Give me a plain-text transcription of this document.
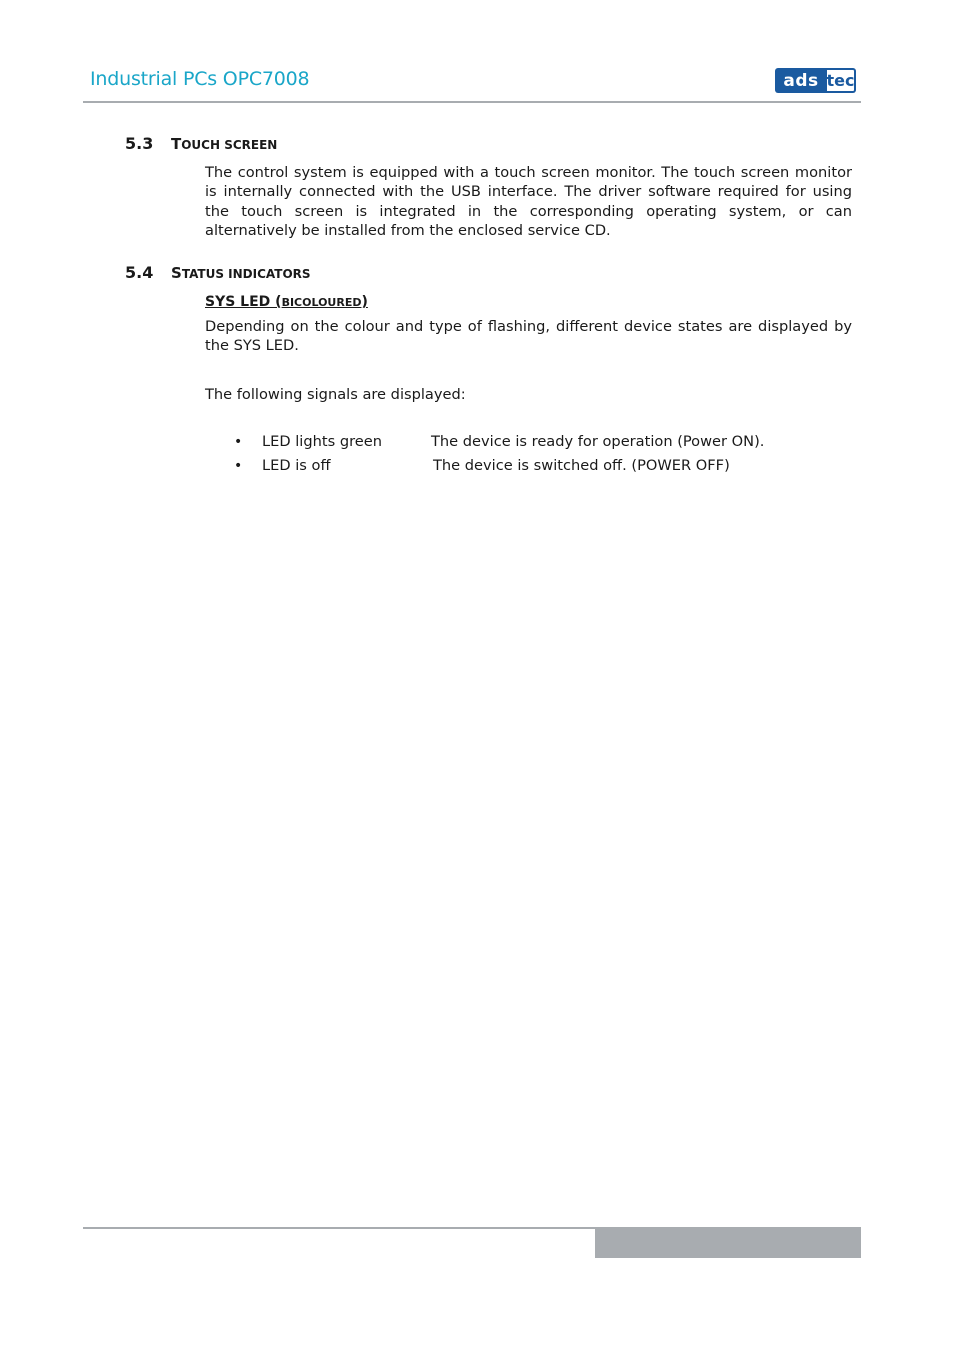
Industrial PCs OPC7008	ads tec
5.3 TOUCH SCREEN
The control system is equipped with a touch screen monitor. The touch screen monitor is internally connected with the USB interface. The driver software required for using the touch screen is integrated in the corresponding operating system, or can alternatively be installed from the enclosed service CD.
5.4 STATUS INDICATORS
SYS LED (BICOLOURED)
Depending on the colour and type of flashing, different device states are displayed by the SYS LED.
The following signals are displayed:
•	LED lights green	The device is ready for operation (Power ON).
•	LED is off	The device is switched off. (POWER OFF)
